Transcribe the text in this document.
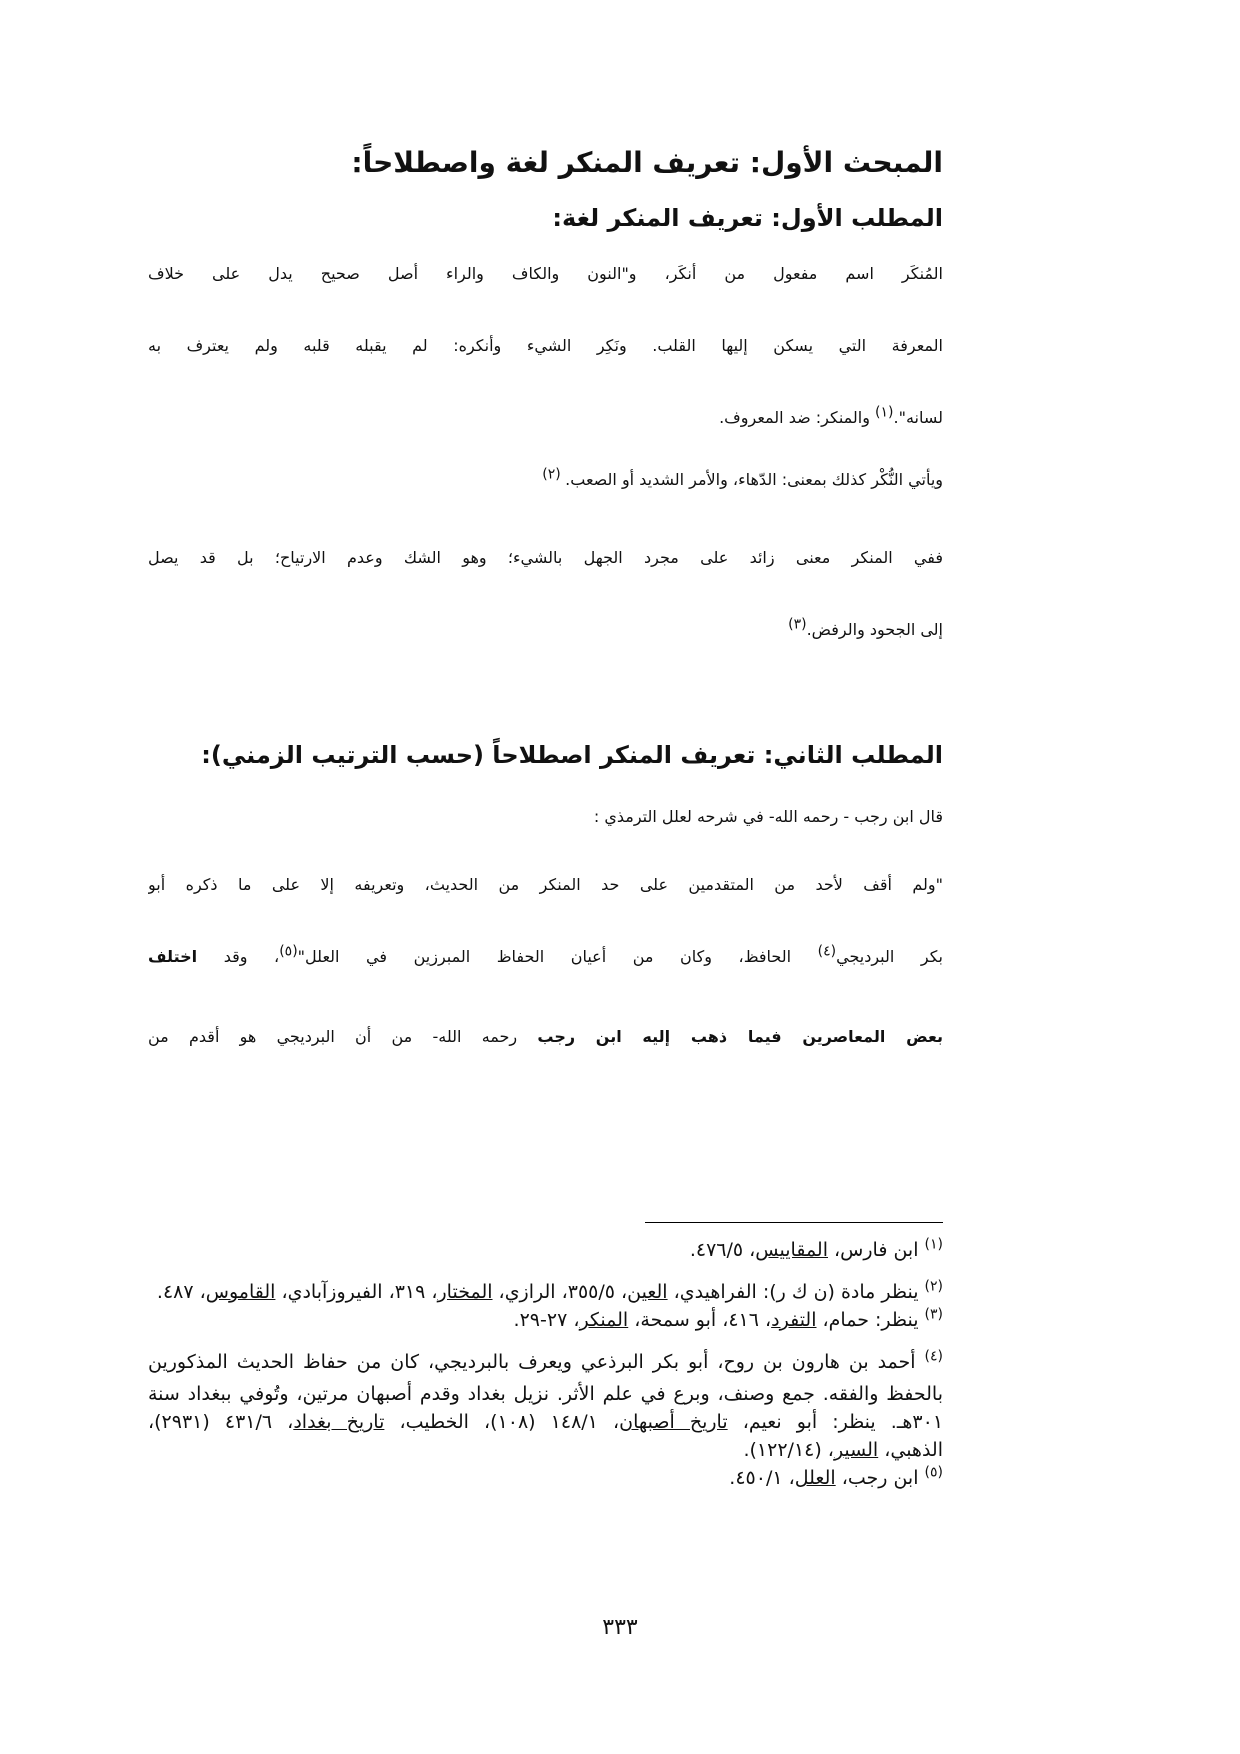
المبحث الأول: تعريف المنكر لغة واصطلاحاً:
المطلب الأول: تعريف المنكر لغة:
المُنكَر اسم مفعول من أنكَر، و"النون والكاف والراء أصل صحيح يدل على خلاف
المعرفة التي يسكن إليها القلب. ونَكِر الشيء وأنكره: لم يقبله قلبه ولم يعترف به
لسانه".$^{(١)}$ والمنكر: ضد المعروف.
ويأتي النُّكْر كذلك بمعنى: الدّهاء، والأمر الشديد أو الصعب. $^{(٢)}$
ففي المنكر معنى زائد على مجرد الجهل بالشيء؛ وهو الشك وعدم الارتياح؛ بل قد يصل
إلى الجحود والرفض.$^{(٣)}$
المطلب الثاني: تعريف المنكر اصطلاحاً (حسب الترتيب الزمني):
قال ابن رجب - رحمه الله- في شرحه لعلل الترمذي :
"ولم أقف لأحد من المتقدمين على حد المنكر من الحديث، وتعريفه إلا على ما ذكره أبو
بكر البرديجي$^{(٤)}$ الحافظ، وكان من أعيان الحفاظ المبرزين في العلل"$^{(٥)}$، وقد اختلف
بعض المعاصرين فيما ذهب إليه ابن رجب رحمه الله- من أن البرديجي هو أقدم من

$^{(١)}$ ابن فارس، المقاييس، ٤٧٦/٥.

$^{(٢)}$ ينظر مادة (ن ك ر): الفراهيدي، العين، ٣٥٥/٥، الرازي، المختار، ٣١٩، الفيروزآبادي، القاموس، ٤٨٧.

$^{(٣)}$ ينظر: حمام، التفرد، ٤١٦، أبو سمحة، المنكر، ٢٧-٢٩.

$^{(٤)}$ أحمد بن هارون بن روح، أبو بكر البرذعي ويعرف بالبرديجي، كان من حفاظ الحديث المذكورين
بالحفظ والفقه. جمع وصنف، وبرع في علم الأثر. نزيل بغداد وقدم أصبهان مرتين، وتُوفي ببغداد سنة
٣٠١هـ. ينظر: أبو نعيم، تاريخ أصبهان، ١٤٨/١ (١٠٨)، الخطيب، تاريخ بغداد، ٤٣١/٦ (٢٩٣١)،
الذهبي، السير، (١٢٢/١٤).

$^{(٥)}$ ابن رجب، العلل، ٤٥٠/١.

٣٣٣
